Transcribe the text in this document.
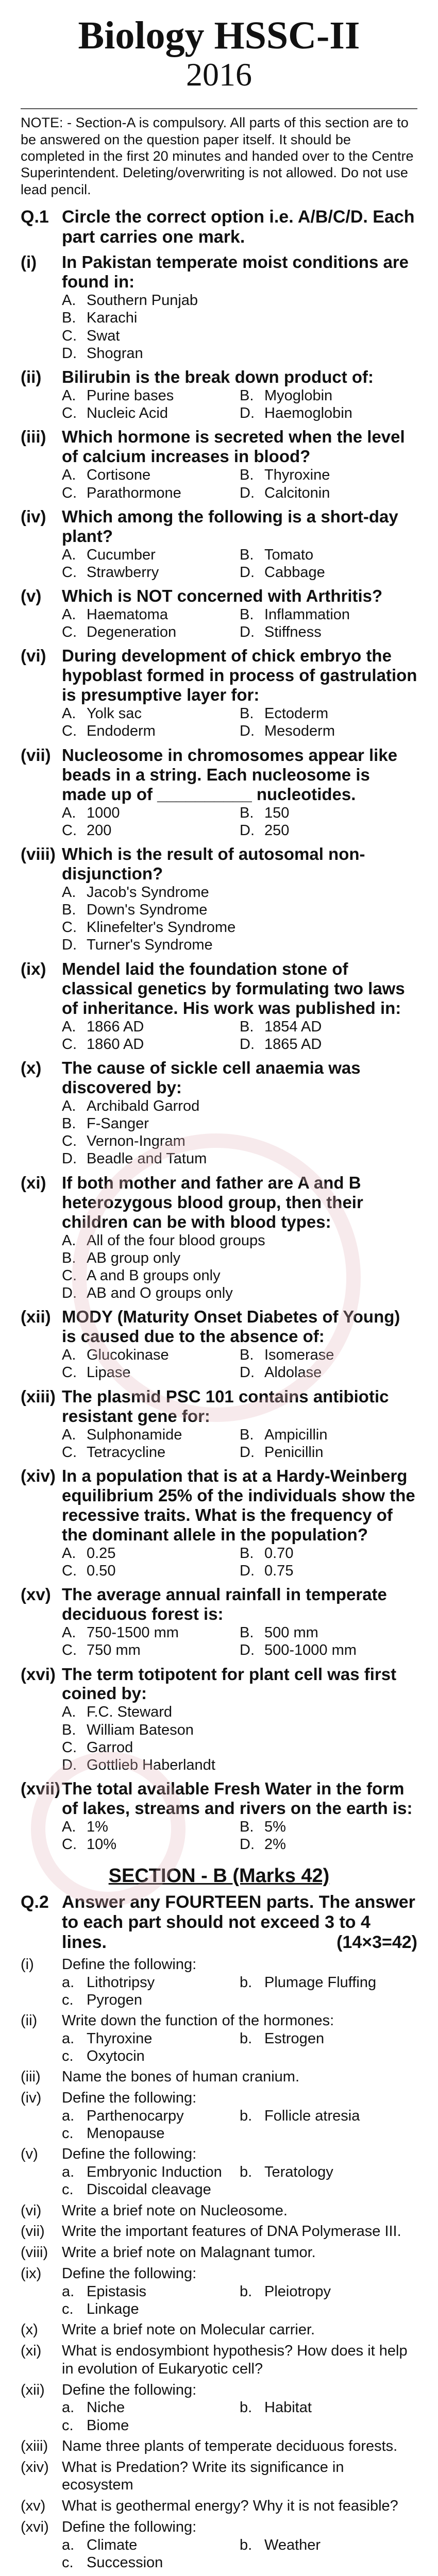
Biology HSSC-II
2016
NOTE: - Section-A is compulsory. All parts of this section are to be answered on the question paper itself. It should be completed in the first 20 minutes and handed over to the Centre Superintendent. Deleting/overwriting is not allowed. Do not use lead pencil.
Q.1 Circle the correct option i.e. A/B/C/D. Each part carries one mark.
(i)	In Pakistan temperate moist conditions are found in:
A. Southern Punjab
B. Karachi
C. Swat
D. Shogran
(ii)	Bilirubin is the break down product of:
A. Purine bases	B. Myoglobin
C. Nucleic Acid	D. Haemoglobin
(iii) Which hormone is secreted when the level of calcium increases in blood?
A. Cortisone	B. Thyroxine
C. Parathormone	D. Calcitonin
(iv) Which among the following is a short-day plant?
A. Cucumber	B. Tomato
C. Strawberry	D. Cabbage
(v)	Which is NOT concerned with Arthritis?
A. Haematoma	B. Inflammation
C. Degeneration	D. Stiffness
(vi) During development of chick embryo the hypoblast formed in process of gastrulation is presumptive layer for:
A. Yolk sac	B. Ectoderm
C. Endoderm	D. Mesoderm
(vii) Nucleosome in chromosomes appear like beads in a string. Each nucleosome is made up of __________ nucleotides.
A. 1000	B. 150
C. 200	D. 250
(viii) Which is the result of autosomal non-disjunction?
A. Jacob's Syndrome
B. Down's Syndrome
C. Klinefelter's Syndrome
D. Turner's Syndrome
(ix) Mendel laid the foundation stone of classical genetics by formulating two laws of inheritance. His work was published in:
A. 1866 AD	B. 1854 AD
C. 1860 AD	D. 1865 AD
(x)	The cause of sickle cell anaemia was discovered by:
A. Archibald Garrod
B. F-Sanger
C. Vernon-Ingram
D. Beadle and Tatum
(xi) If both mother and father are A and B heterozygous blood group, then their children can be with blood types:
A. All of the four blood groups
B. AB group only
C. A and B groups only
D. AB and O groups only
(xii) MODY (Maturity Onset Diabetes of Young) is caused due to the absence of:
A. Glucokinase	B. Isomerase
C. Lipase	D. Aldolase
(xiii) The plasmid PSC 101 contains antibiotic resistant gene for:
A. Sulphonamide	B. Ampicillin
C. Tetracycline	D. Penicillin
(xiv) In a population that is at a Hardy-Weinberg equilibrium 25% of the individuals show the recessive traits. What is the frequency of the dominant allele in the population?
A. 0.25	B. 0.70
C. 0.50	D. 0.75
(xv) The average annual rainfall in temperate deciduous forest is:
A. 750-1500 mm	B. 500 mm
C. 750 mm	D. 500-1000 mm
(xvi) The term totipotent for plant cell was first coined by:
A. F.C. Steward
B. William Bateson
C. Garrod
D. Gottlieb Haberlandt
(xvii) The total available Fresh Water in the form of lakes, streams and rivers on the earth is:
A. 1%	B. 5%
C. 10%	D. 2%
SECTION - B (Marks 42)
Q.2 Answer any FOURTEEN parts. The answer to each part should not exceed 3 to 4 lines.	(14×3=42)
(i)	Define the following:
a. Lithotripsy	b. Plumage Fluffing
c. Pyrogen
(ii)	Write down the function of the hormones:
a. Thyroxine	b. Estrogen
c. Oxytocin
(iii)	Name the bones of human cranium.
(iv)	Define the following:
a. Parthenocarpy	b. Follicle atresia
c. Menopause
(v)	Define the following:
a. Embryonic Induction	b. Teratology
c. Discoidal cleavage
(vi)	Write a brief note on Nucleosome.
(vii)	Write the important features of DNA Polymerase III.
(viii) Write a brief note on Malagnant tumor.
(ix)	Define the following:
a. Epistasis	b. Pleiotropy
c. Linkage
(x)	Write a brief note on Molecular carrier.
(xi)	What is endosymbiont hypothesis? How does it help in evolution of Eukaryotic cell?
(xii)	Define the following:
a. Niche	b. Habitat
c. Biome
(xiii) Name three plants of temperate deciduous forests.
(xiv) What is Predation? Write its significance in ecosystem
(xv)	What is geothermal energy? Why it is not feasible?
(xvi) Define the following:
a. Climate	b. Weather
c. Succession
